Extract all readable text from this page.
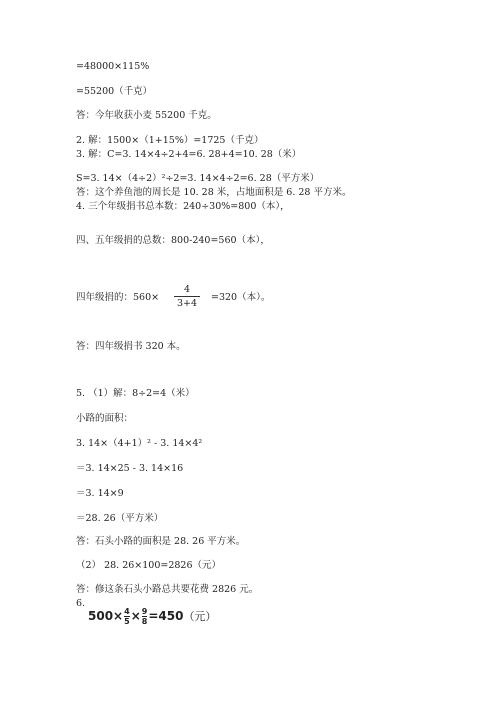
=48000×115%
=55200（千克）
答：今年收获小麦 55200 千克。
2. 解：1500×（1+15%）=1725（千克）
3. 解：C=3. 14×4÷2+4=6. 28+4=10. 28（米）
S=3. 14×（4÷2）²÷2=3. 14×4÷2=6. 28（平方米）
答：这个养鱼池的周长是 10. 28 米，占地面积是 6. 28 平方米。
4. 三个年级捐书总本数：240÷30%=800（本），
四、五年级捐的总数：800-240=560（本），
四年级捐的：560×
4
3+4
=320（本）。
答：四年级捐书 320 本。
5. （1）解：8÷2=4（米）
小路的面积：
3. 14×（4+1）² - 3. 14×4²
＝3. 14×25 - 3. 14×16
＝3. 14×9
＝28. 26（平方米）
答：石头小路的面积是 28. 26 平方米。
（2） 28. 26×100=2826（元）
答：修这条石头小路总共要花费 2826 元。
6.
$500\times\frac{4}{5}\times\frac{9}{8}=450$（元）
